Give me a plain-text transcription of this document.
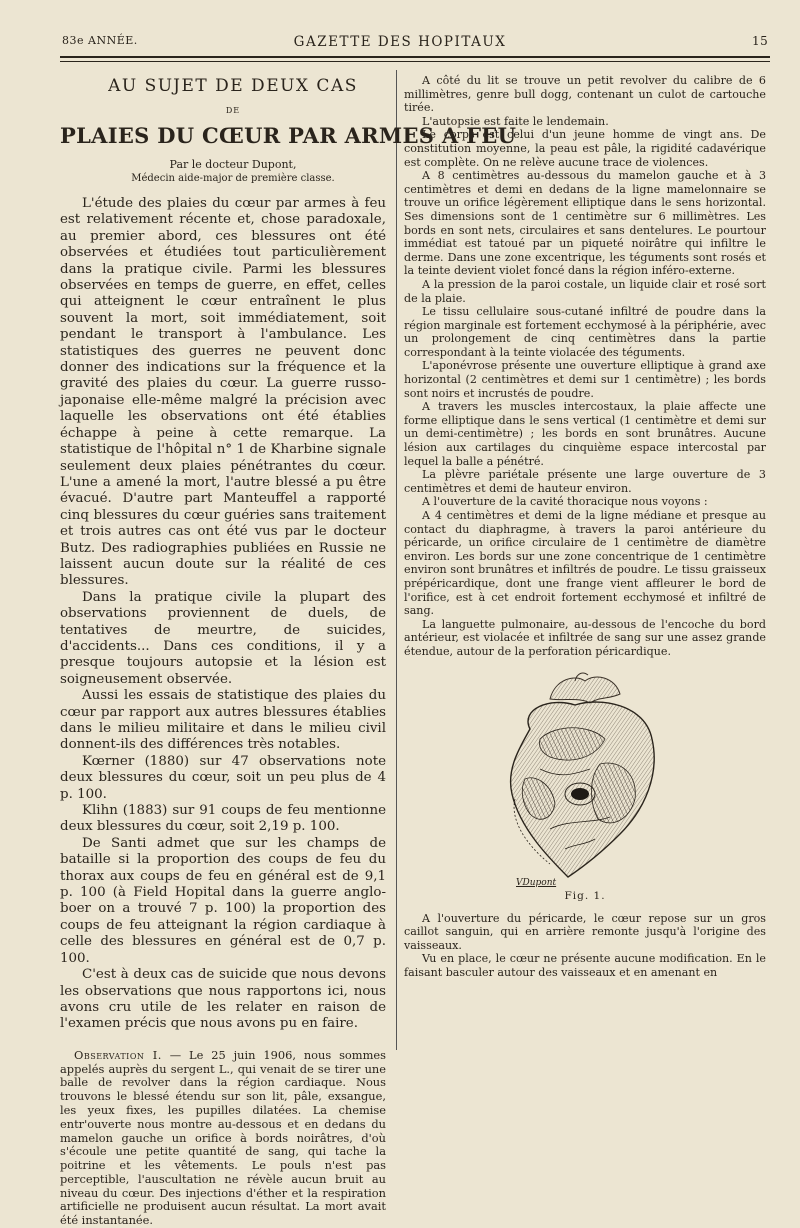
83e ANNÉE.	GAZETTE DES HOPITAUX	15
AU SUJET DE DEUX CAS
DE
PLAIES DU CŒUR PAR ARMES A FEU
Par le docteur Dupont,
Médecin aide-major de première classe.

L'étude des plaies du cœur par armes à feu est relativement récente et, chose paradoxale, au premier abord, ces blessures ont été observées et étudiées tout particulièrement dans la pratique civile. Parmi les blessures observées en temps de guerre, en effet, celles qui atteignent le cœur entraînent le plus souvent la mort, soit immédiatement, soit pendant le transport à l'ambulance. Les statistiques des guerres ne peuvent donc donner des indications sur la fréquence et la gravité des plaies du cœur. La guerre russo-japonaise elle-même malgré la précision avec laquelle les observations ont été établies échappe à peine à cette remarque. La statistique de l'hôpital n° 1 de Kharbine signale seulement deux plaies pénétrantes du cœur. L'une a amené la mort, l'autre blessé a pu être évacué. D'autre part Manteuffel a rapporté cinq blessures du cœur guéries sans traitement et trois autres cas ont été vus par le docteur Butz. Des radiographies publiées en Russie ne laissent aucun doute sur la réalité de ces blessures.

Dans la pratique civile la plupart des observations proviennent de duels, de tentatives de meurtre, de suicides, d'accidents... Dans ces conditions, il y a presque toujours autopsie et la lésion est soigneusement observée.

Aussi les essais de statistique des plaies du cœur par rapport aux autres blessures établies dans le milieu militaire et dans le milieu civil donnent-ils des différences très notables.

Kœrner (1880) sur 47 observations note deux blessures du cœur, soit un peu plus de 4 p. 100.

Klihn (1883) sur 91 coups de feu mentionne deux blessures du cœur, soit 2,19 p. 100.

De Santi admet que sur les champs de bataille si la proportion des coups de feu du thorax aux coups de feu en général est de 9,1 p. 100 (à Field Hopital dans la guerre anglo-boer on a trouvé 7 p. 100) la proportion des coups de feu atteignant la région cardiaque à celle des blessures en général est de 0,7 p. 100.

C'est à deux cas de suicide que nous devons les observations que nous rapportons ici, nous avons cru utile de les relater en raison de l'examen précis que nous avons pu en faire.

Observation I. — Le 25 juin 1906, nous sommes appelés auprès du sergent L., qui venait de se tirer une balle de revolver dans la région cardiaque. Nous trouvons le blessé étendu sur son lit, pâle, exsangue, les yeux fixes, les pupilles dilatées. La chemise entr'ouverte nous montre au-dessous et en dedans du mamelon gauche un orifice à bords noirâtres, d'où s'écoule une petite quantité de sang, qui tache la poitrine et les vêtements. Le pouls n'est pas perceptible, l'auscultation ne révèle aucun bruit au niveau du cœur. Des injections d'éther et la respiration artificielle ne produisent aucun résultat. La mort avait été instantanée.

A côté du lit se trouve un petit revolver du calibre de 6 millimètres, genre bull dogg, contenant un culot de cartouche tirée.

L'autopsie est faite le lendemain.

Le corps est celui d'un jeune homme de vingt ans. De constitution moyenne, la peau est pâle, la rigidité cadavérique est complète. On ne relève aucune trace de violences.

A 8 centimètres au-dessous du mamelon gauche et à 3 centimètres et demi en dedans de la ligne mamelonnaire se trouve un orifice légèrement elliptique dans le sens horizontal. Ses dimensions sont de 1 centimètre sur 6 millimètres. Les bords en sont nets, circulaires et sans dentelures. Le pourtour immédiat est tatoué par un piqueté noirâtre qui infiltre le derme. Dans une zone excentrique, les téguments sont rosés et la teinte devient violet foncé dans la région inféro-externe.

A la pression de la paroi costale, un liquide clair et rosé sort de la plaie.

Le tissu cellulaire sous-cutané infiltré de poudre dans la région marginale est fortement ecchymosé à la périphérie, avec un prolongement de cinq centimètres dans la partie correspondant à la teinte violacée des téguments.

L'aponévrose présente une ouverture elliptique à grand axe horizontal (2 centimètres et demi sur 1 centimètre) ; les bords sont noirs et incrustés de poudre.

A travers les muscles intercostaux, la plaie affecte une forme elliptique dans le sens vertical (1 centimètre et demi sur un demi-centimètre) ; les bords en sont brunâtres. Aucune lésion aux cartilages du cinquième espace intercostal par lequel la balle a pénétré.

La plèvre pariétale présente une large ouverture de 3 centimètres et demi de hauteur environ.

A l'ouverture de la cavité thoracique nous voyons :

A 4 centimètres et demi de la ligne médiane et presque au contact du diaphragme, à travers la paroi antérieure du péricarde, un orifice circulaire de 1 centimètre de diamètre environ. Les bords sur une zone concentrique de 1 centimètre environ sont brunâtres et infiltrés de poudre. Le tissu graisseux prépéricardique, dont une frange vient affleurer le bord de l'orifice, est à cet endroit fortement ecchymosé et infiltré de sang.

La languette pulmonaire, au-dessous de l'encoche du bord antérieur, est violacée et infiltrée de sang sur une assez grande étendue, autour de la perforation péricardique.

VDupont
Fig. 1.

A l'ouverture du péricarde, le cœur repose sur un gros caillot sanguin, qui en arrière remonte jusqu'à l'origine des vaisseaux.

Vu en place, le cœur ne présente aucune modification. En le faisant basculer autour des vaisseaux et en amenant en
